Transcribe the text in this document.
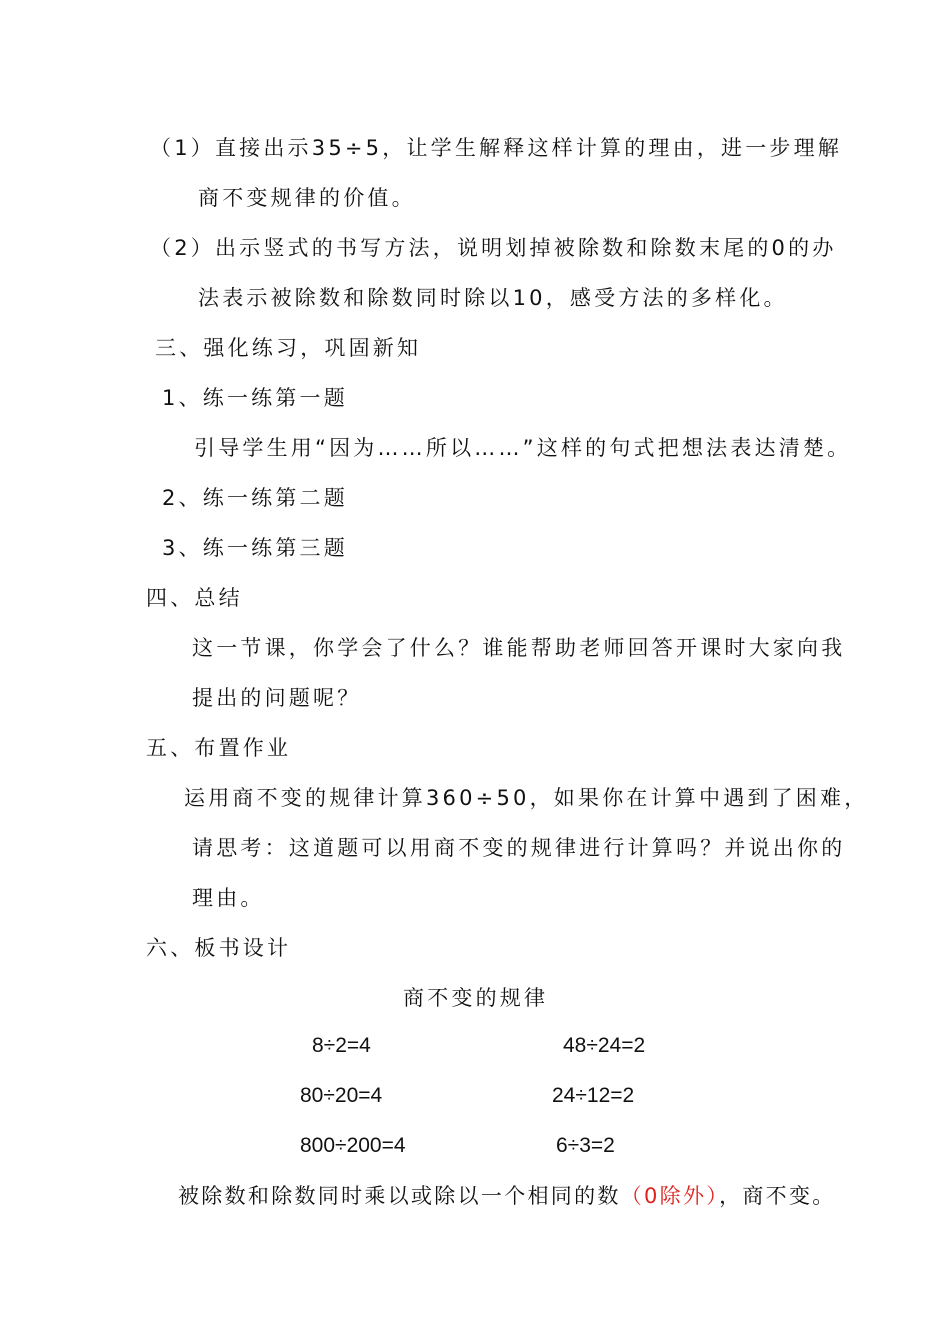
（1）直接出示35÷5，让学生解释这样计算的理由，进一步理解
商不变规律的价值。
（2）出示竖式的书写方法，说明划掉被除数和除数末尾的0的办
法表示被除数和除数同时除以10，感受方法的多样化。
三、强化练习，巩固新知
1、练一练第一题
引导学生用“因为……所以……”这样的句式把想法表达清楚。
2、练一练第二题
3、练一练第三题
四、总结
这一节课，你学会了什么？谁能帮助老师回答开课时大家向我
提出的问题呢？
五、布置作业
运用商不变的规律计算360÷50，如果你在计算中遇到了困难，
请思考：这道题可以用商不变的规律进行计算吗？并说出你的
理由。
六、板书设计
商不变的规律
8÷2=4
80÷20=4
800÷200=4
48÷24=2
24÷12=2
6÷3=2
被除数和除数同时乘以或除以一个相同的数（0除外），商不变。
